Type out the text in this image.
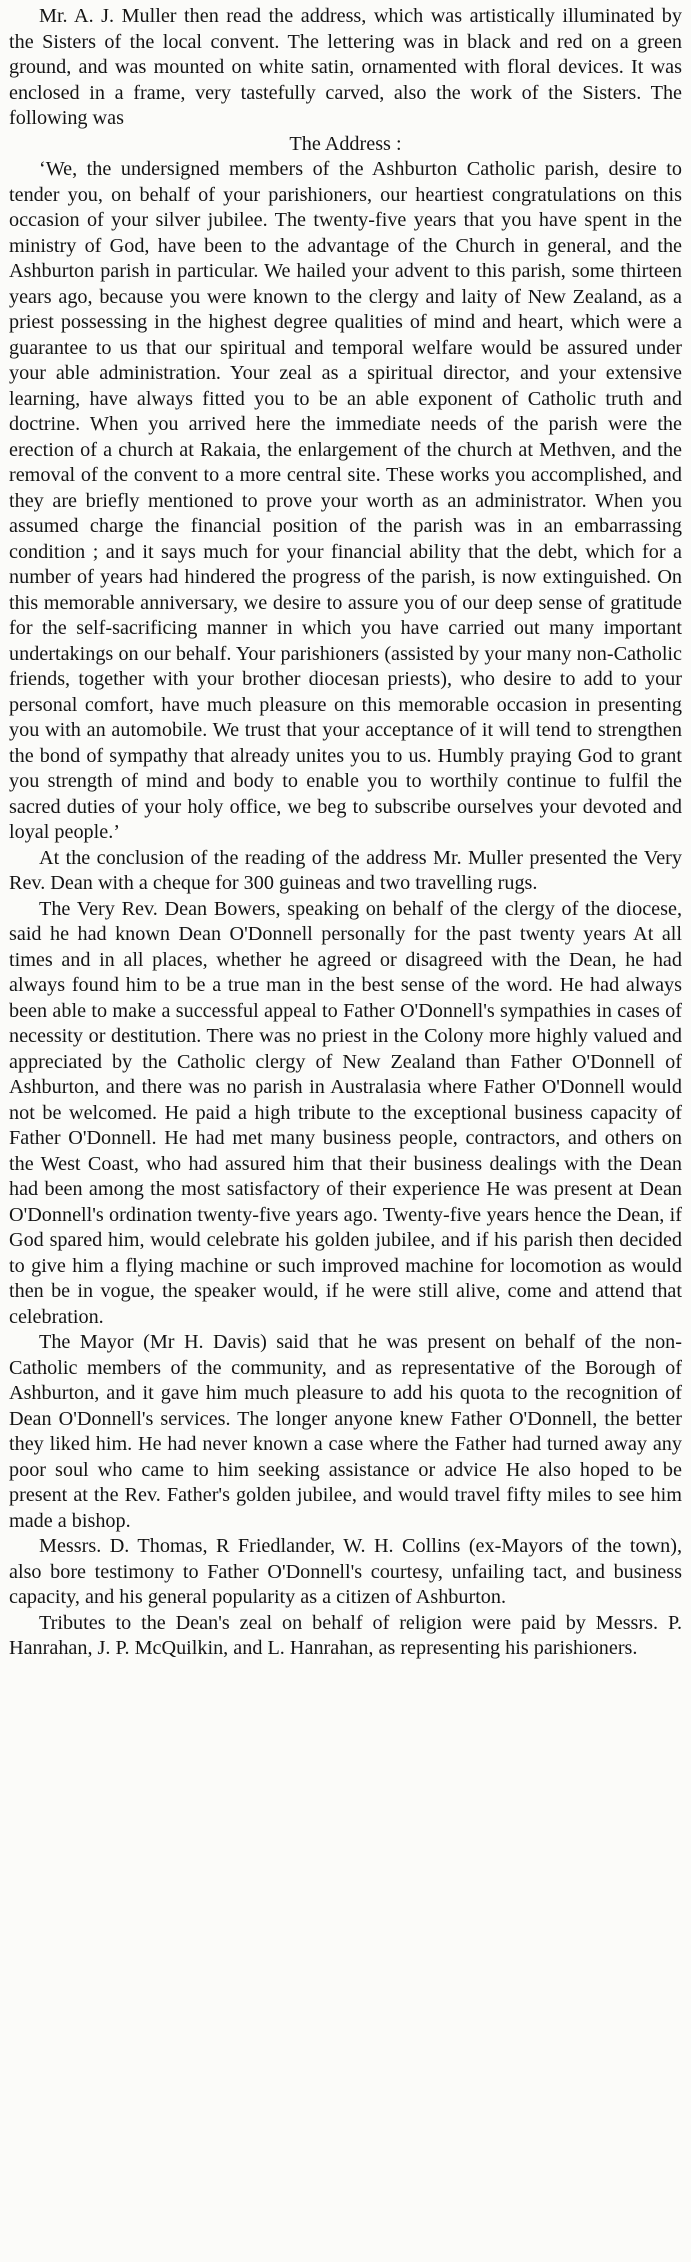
Mr. A. J. Muller then read the address, which was artistically illuminated by the Sisters of the local convent. The lettering was in black and red on a green ground, and was mounted on white satin, ornamented with floral devices. It was enclosed in a frame, very tastefully carved, also the work of the Sisters. The following was

The Address :

‘We, the undersigned members of the Ashburton Catholic parish, desire to tender you, on behalf of your parishioners, our heartiest congratulations on this occasion of your silver jubilee. The twenty-five years that you have spent in the ministry of God, have been to the advantage of the Church in general, and the Ashburton parish in particular. We hailed your advent to this parish, some thirteen years ago, because you were known to the clergy and laity of New Zealand, as a priest possessing in the highest degree qualities of mind and heart, which were a guarantee to us that our spiritual and temporal welfare would be assured under your able administration. Your zeal as a spiritual director, and your extensive learning, have always fitted you to be an able exponent of Catholic truth and doctrine. When you arrived here the immediate needs of the parish were the erection of a church at Rakaia, the enlargement of the church at Methven, and the removal of the convent to a more central site. These works you accomplished, and they are briefly mentioned to prove your worth as an administrator. When you assumed charge the financial position of the parish was in an embarrassing condition ; and it says much for your financial ability that the debt, which for a number of years had hindered the progress of the parish, is now extinguished. On this memorable anniversary, we desire to assure you of our deep sense of gratitude for the self-sacrificing manner in which you have carried out many important undertakings on our behalf. Your parishioners (assisted by your many non-Catholic friends, together with your brother diocesan priests), who desire to add to your personal comfort, have much pleasure on this memorable occasion in presenting you with an automobile. We trust that your acceptance of it will tend to strengthen the bond of sympathy that already unites you to us. Humbly praying God to grant you strength of mind and body to enable you to worthily continue to fulfil the sacred duties of your holy office, we beg to subscribe ourselves your devoted and loyal people.’

At the conclusion of the reading of the address Mr. Muller presented the Very Rev. Dean with a cheque for 300 guineas and two travelling rugs.

The Very Rev. Dean Bowers, speaking on behalf of the clergy of the diocese, said he had known Dean O'Donnell personally for the past twenty years At all times and in all places, whether he agreed or disagreed with the Dean, he had always found him to be a true man in the best sense of the word. He had always been able to make a successful appeal to Father O'Donnell's sympathies in cases of necessity or destitution. There was no priest in the Colony more highly valued and appreciated by the Catholic clergy of New Zealand than Father O'Donnell of Ashburton, and there was no parish in Australasia where Father O'Donnell would not be welcomed. He paid a high tribute to the exceptional business capacity of Father O'Donnell. He had met many business people, contractors, and others on the West Coast, who had assured him that their business dealings with the Dean had been among the most satisfactory of their experience He was present at Dean O'Donnell's ordination twenty-five years ago. Twenty-five years hence the Dean, if God spared him, would celebrate his golden jubilee, and if his parish then decided to give him a flying machine or such improved machine for locomotion as would then be in vogue, the speaker would, if he were still alive, come and attend that celebration.

The Mayor (Mr H. Davis) said that he was present on behalf of the non-Catholic members of the community, and as representative of the Borough of Ashburton, and it gave him much pleasure to add his quota to the recognition of Dean O'Donnell's services. The longer anyone knew Father O'Donnell, the better they liked him. He had never known a case where the Father had turned away any poor soul who came to him seeking assistance or advice He also hoped to be present at the Rev. Father's golden jubilee, and would travel fifty miles to see him made a bishop.

Messrs. D. Thomas, R Friedlander, W. H. Collins (ex-Mayors of the town), also bore testimony to Father O'Donnell's courtesy, unfailing tact, and business capacity, and his general popularity as a citizen of Ashburton.

Tributes to the Dean's zeal on behalf of religion were paid by Messrs. P. Hanrahan, J. P. McQuilkin, and L. Hanrahan, as representing his parishioners.
